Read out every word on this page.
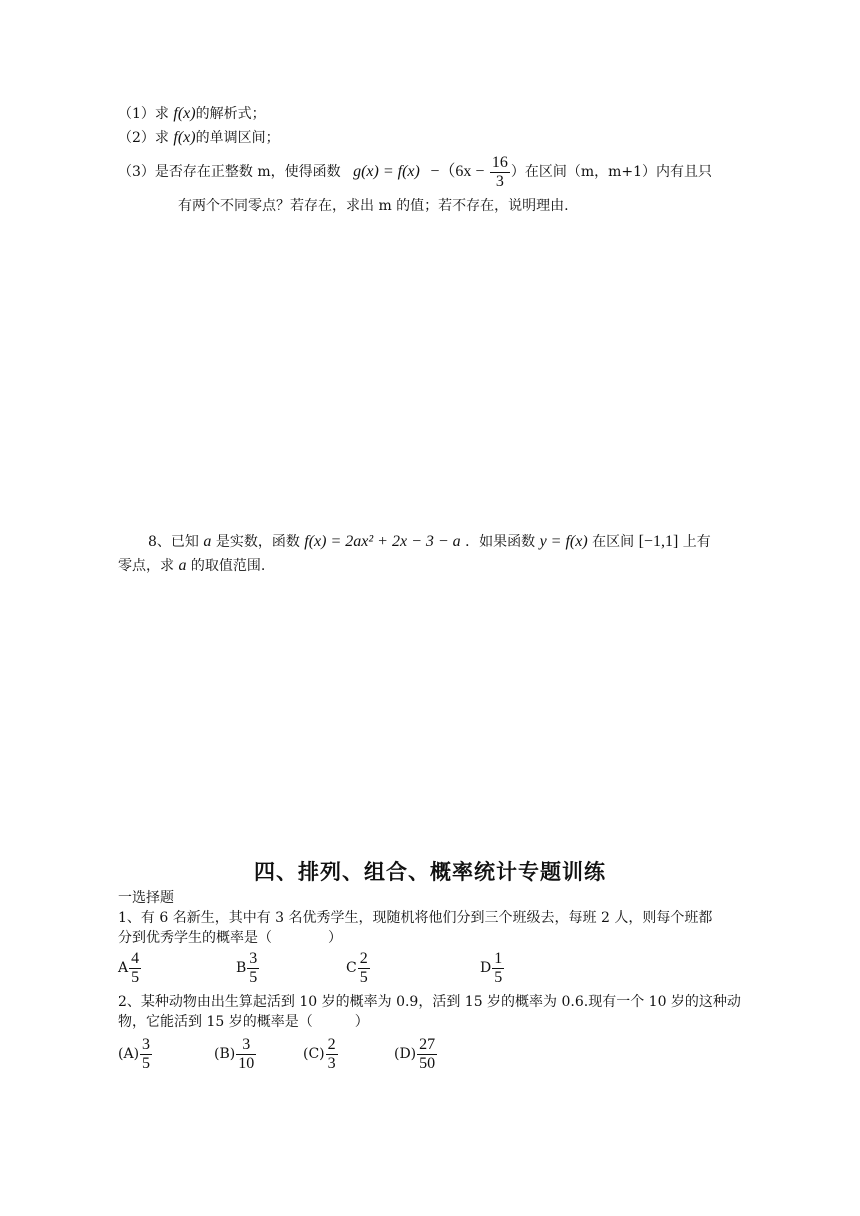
（1）求 f(x)的解析式；
（2）求 f(x)的单调区间；
（3）是否存在正整数 m，使得函数 $g(x) = f(x) -(6x - \frac{16}{3}$ ）在区间（m，m+1）内有且只
有两个不同零点？若存在，求出 m 的值；若不存在，说明理由.
8、已知 a 是实数，函数 f(x) = 2ax² + 2x − 3 − a ．如果函数 y = f(x) 在区间 [−1,1] 上有
零点，求 a 的取值范围.
四、排列、组合、概率统计专题训练
一选择题
1、有 6 名新生，其中有 3 名优秀学生，现随机将他们分到三个班级去，每班 2 人，则每个班都
分到优秀学生的概率是（　　　　）
A $\frac{4}{5}$	B $\frac{3}{5}$	C $\frac{2}{5}$	D $\frac{1}{5}$
2、某种动物由出生算起活到 10 岁的概率为 0.9，活到 15 岁的概率为 0.6.现有一个 10 岁的这种动
物，它能活到 15 岁的概率是（　　　）
$(A) \frac{3}{5}$	$(B) \frac{3}{10}$	$(C) \frac{2}{3}$	$(D) \frac{27}{50}$
